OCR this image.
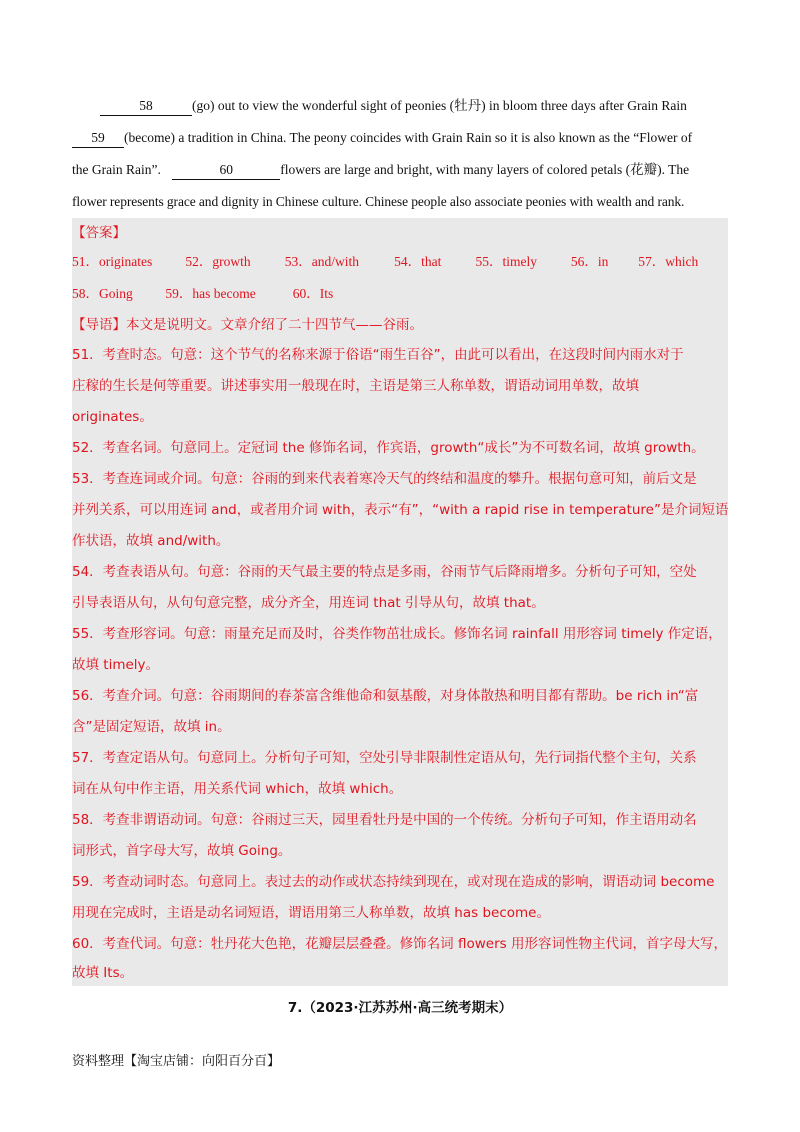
58	(go) out to view the wonderful sight of peonies (牡丹) in bloom three days after Grain Rain
59 (become) a tradition in China. The peony coincides with Grain Rain so it is also known as the “Flower of
the Grain Rain”.	60	flowers are large and bright, with many layers of colored petals (花瓣). The
flower represents grace and dignity in Chinese culture. Chinese people also associate peonies with wealth and rank.
【答案】
51．originates 52．growth	53．and/with	54．that	55．timely	56．in 57．which
58．Going 59．has become	60．Its
【导语】本文是说明文。文章介绍了二十四节气——谷雨。
51．考查时态。句意：这个节气的名称来源于俗语“雨生百谷”，由此可以看出，在这段时间内雨水对于
庄稼的生长是何等重要。讲述事实用一般现在时，主语是第三人称单数，谓语动词用单数，故填
originates。
52．考查名词。句意同上。定冠词 the 修饰名词，作宾语，growth“成长”为不可数名词，故填 growth。
53．考查连词或介词。句意：谷雨的到来代表着寒冷天气的终结和温度的攀升。根据句意可知，前后文是
并列关系，可以用连词 and，或者用介词 with，表示“有”，“with a rapid rise in temperature”是介词短语
作状语，故填 and/with。
54．考查表语从句。句意：谷雨的天气最主要的特点是多雨，谷雨节气后降雨增多。分析句子可知，空处
引导表语从句，从句句意完整，成分齐全，用连词 that 引导从句，故填 that。
55．考查形容词。句意：雨量充足而及时，谷类作物茁壮成长。修饰名词 rainfall 用形容词 timely 作定语，
故填 timely。
56．考查介词。句意：谷雨期间的春茶富含维他命和氨基酸，对身体散热和明目都有帮助。be rich in“富
含”是固定短语，故填 in。
57．考查定语从句。句意同上。分析句子可知，空处引导非限制性定语从句，先行词指代整个主句，关系
词在从句中作主语，用关系代词 which，故填 which。
58．考查非谓语动词。句意：谷雨过三天，园里看牡丹是中国的一个传统。分析句子可知，作主语用动名
词形式，首字母大写，故填 Going。
59．考查动词时态。句意同上。表过去的动作或状态持续到现在，或对现在造成的影响，谓语动词 become
用现在完成时，主语是动名词短语，谓语用第三人称单数，故填 has become。
60．考查代词。句意：牡丹花大色艳，花瓣层层叠叠。修饰名词 flowers 用形容词性物主代词，首字母大写，
故填 Its。
7.（2023·江苏苏州·高三统考期末）
资料整理【淘宝店铺：向阳百分百】
